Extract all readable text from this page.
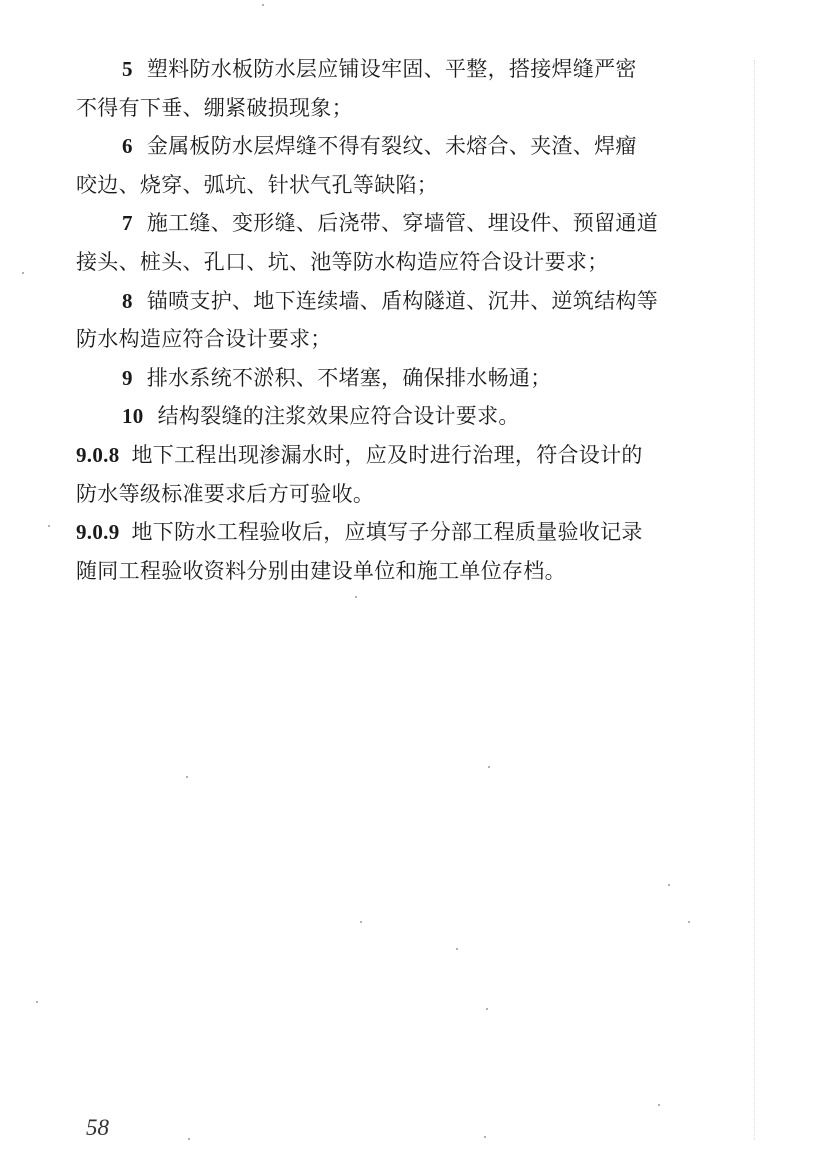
5 塑料防水板防水层应铺设牢固、平整，搭接焊缝严密
不得有下垂、绷紧破损现象；
6 金属板防水层焊缝不得有裂纹、未熔合、夹渣、焊瘤
咬边、烧穿、弧坑、针状气孔等缺陷；
7 施工缝、变形缝、后浇带、穿墙管、埋设件、预留通道
接头、桩头、孔口、坑、池等防水构造应符合设计要求；
8 锚喷支护、地下连续墙、盾构隧道、沉井、逆筑结构等
防水构造应符合设计要求；
9 排水系统不淤积、不堵塞，确保排水畅通；
10 结构裂缝的注浆效果应符合设计要求。
9.0.8 地下工程出现渗漏水时，应及时进行治理，符合设计的
防水等级标准要求后方可验收。
9.0.9 地下防水工程验收后，应填写子分部工程质量验收记录
随同工程验收资料分别由建设单位和施工单位存档。
58
